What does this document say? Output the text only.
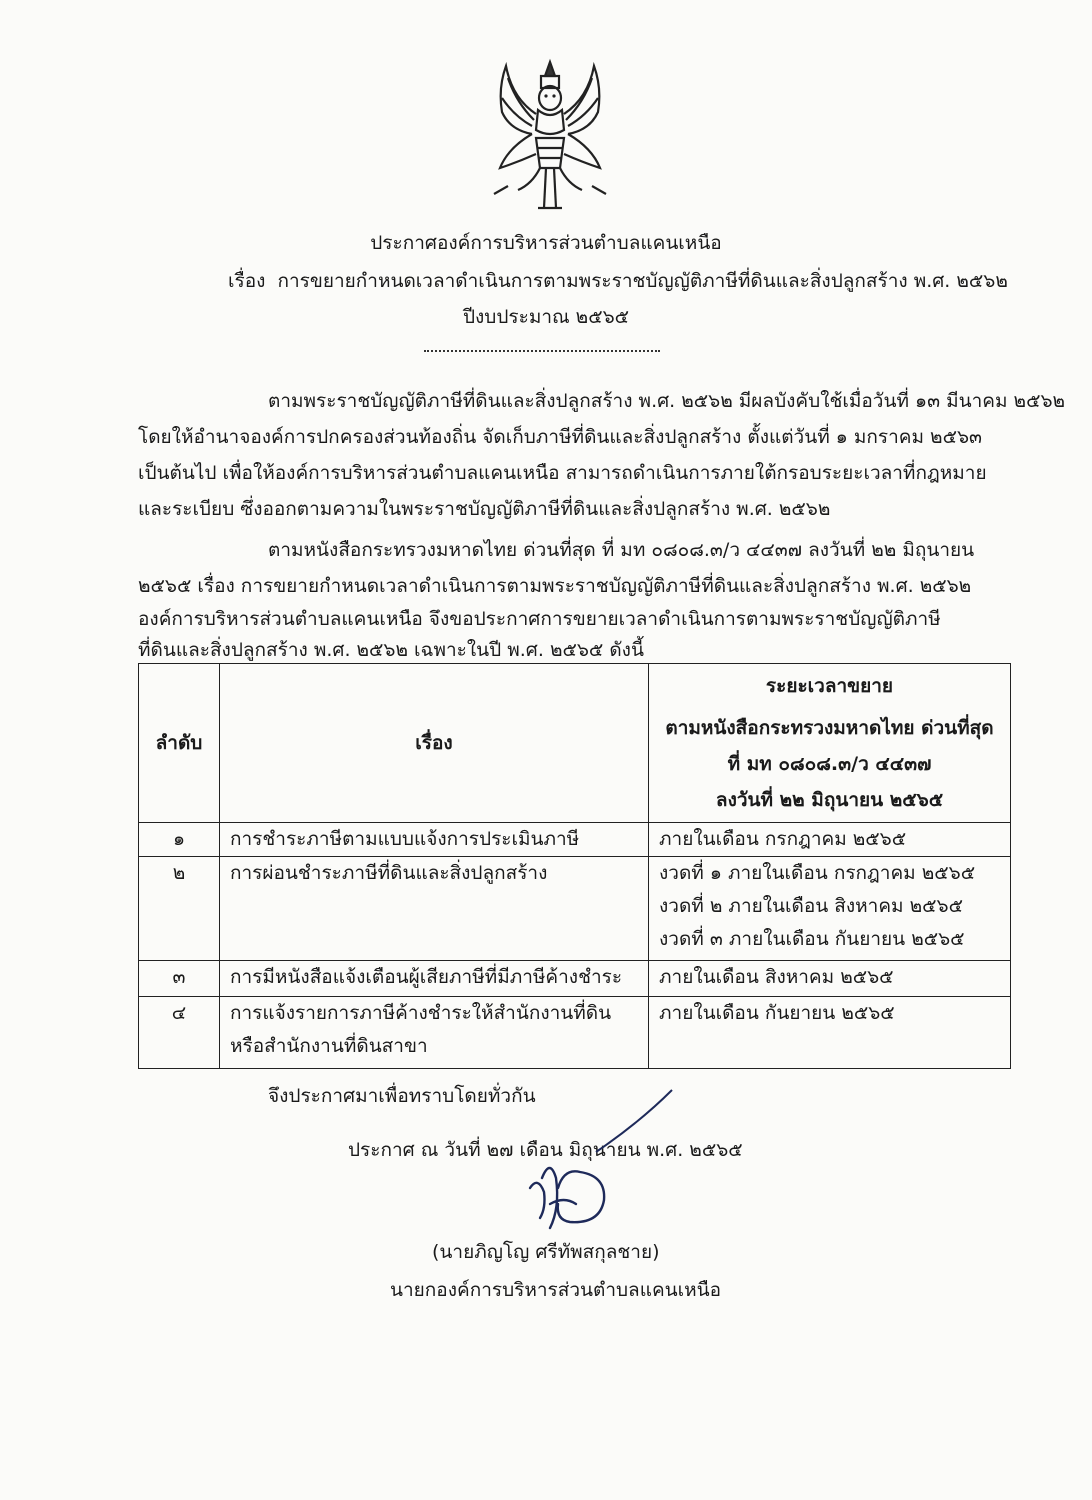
ประกาศองค์การบริหารส่วนตำบลแคนเหนือ
เรื่อง การขยายกำหนดเวลาดำเนินการตามพระราชบัญญัติภาษีที่ดินและสิ่งปลูกสร้าง พ.ศ. ๒๕๖๒
ปีงบประมาณ ๒๕๖๕
ตามพระราชบัญญัติภาษีที่ดินและสิ่งปลูกสร้าง พ.ศ. ๒๕๖๒ มีผลบังคับใช้เมื่อวันที่ ๑๓ มีนาคม ๒๕๖๒
โดยให้อำนาจองค์การปกครองส่วนท้องถิ่น จัดเก็บภาษีที่ดินและสิ่งปลูกสร้าง ตั้งแต่วันที่ ๑ มกราคม ๒๕๖๓
เป็นต้นไป เพื่อให้องค์การบริหารส่วนตำบลแคนเหนือ สามารถดำเนินการภายใต้กรอบระยะเวลาที่กฎหมาย
และระเบียบ ซึ่งออกตามความในพระราชบัญญัติภาษีที่ดินและสิ่งปลูกสร้าง พ.ศ. ๒๕๖๒
ตามหนังสือกระทรวงมหาดไทย ด่วนที่สุด ที่ มท ๐๘๐๘.๓/ว ๔๔๓๗ ลงวันที่ ๒๒ มิถุนายน
๒๕๖๕ เรื่อง การขยายกำหนดเวลาดำเนินการตามพระราชบัญญัติภาษีที่ดินและสิ่งปลูกสร้าง พ.ศ. ๒๕๖๒
องค์การบริหารส่วนตำบลแคนเหนือ จึงขอประกาศการขยายเวลาดำเนินการตามพระราชบัญญัติภาษี
ที่ดินและสิ่งปลูกสร้าง พ.ศ. ๒๕๖๒ เฉพาะในปี พ.ศ. ๒๕๖๕ ดังนี้
ลำดับ	เรื่อง	ระยะเวลาขยาย
ตามหนังสือกระทรวงมหาดไทย ด่วนที่สุด
ที่ มท ๐๘๐๘.๓/ว ๔๔๓๗
ลงวันที่ ๒๒ มิถุนายน ๒๕๖๕

๑	การชำระภาษีตามแบบแจ้งการประเมินภาษี	ภายในเดือน กรกฎาคม ๒๕๖๕

๒	การผ่อนชำระภาษีที่ดินและสิ่งปลูกสร้าง	งวดที่ ๑ ภายในเดือน กรกฎาคม ๒๕๖๕
งวดที่ ๒ ภายในเดือน สิงหาคม ๒๕๖๕
งวดที่ ๓ ภายในเดือน กันยายน ๒๕๖๕

๓	การมีหนังสือแจ้งเตือนผู้เสียภาษีที่มีภาษีค้างชำระ	ภายในเดือน สิงหาคม ๒๕๖๕

๔	การแจ้งรายการภาษีค้างชำระให้สำนักงานที่ดิน
หรือสำนักงานที่ดินสาขา	ภายในเดือน กันยายน ๒๕๖๕
จึงประกาศมาเพื่อทราบโดยทั่วกัน
ประกาศ ณ วันที่ ๒๗ เดือน มิถุนายน พ.ศ. ๒๕๖๕
(นายภิญโญ ศรีทัพสกุลชาย)
นายกองค์การบริหารส่วนตำบลแคนเหนือ
